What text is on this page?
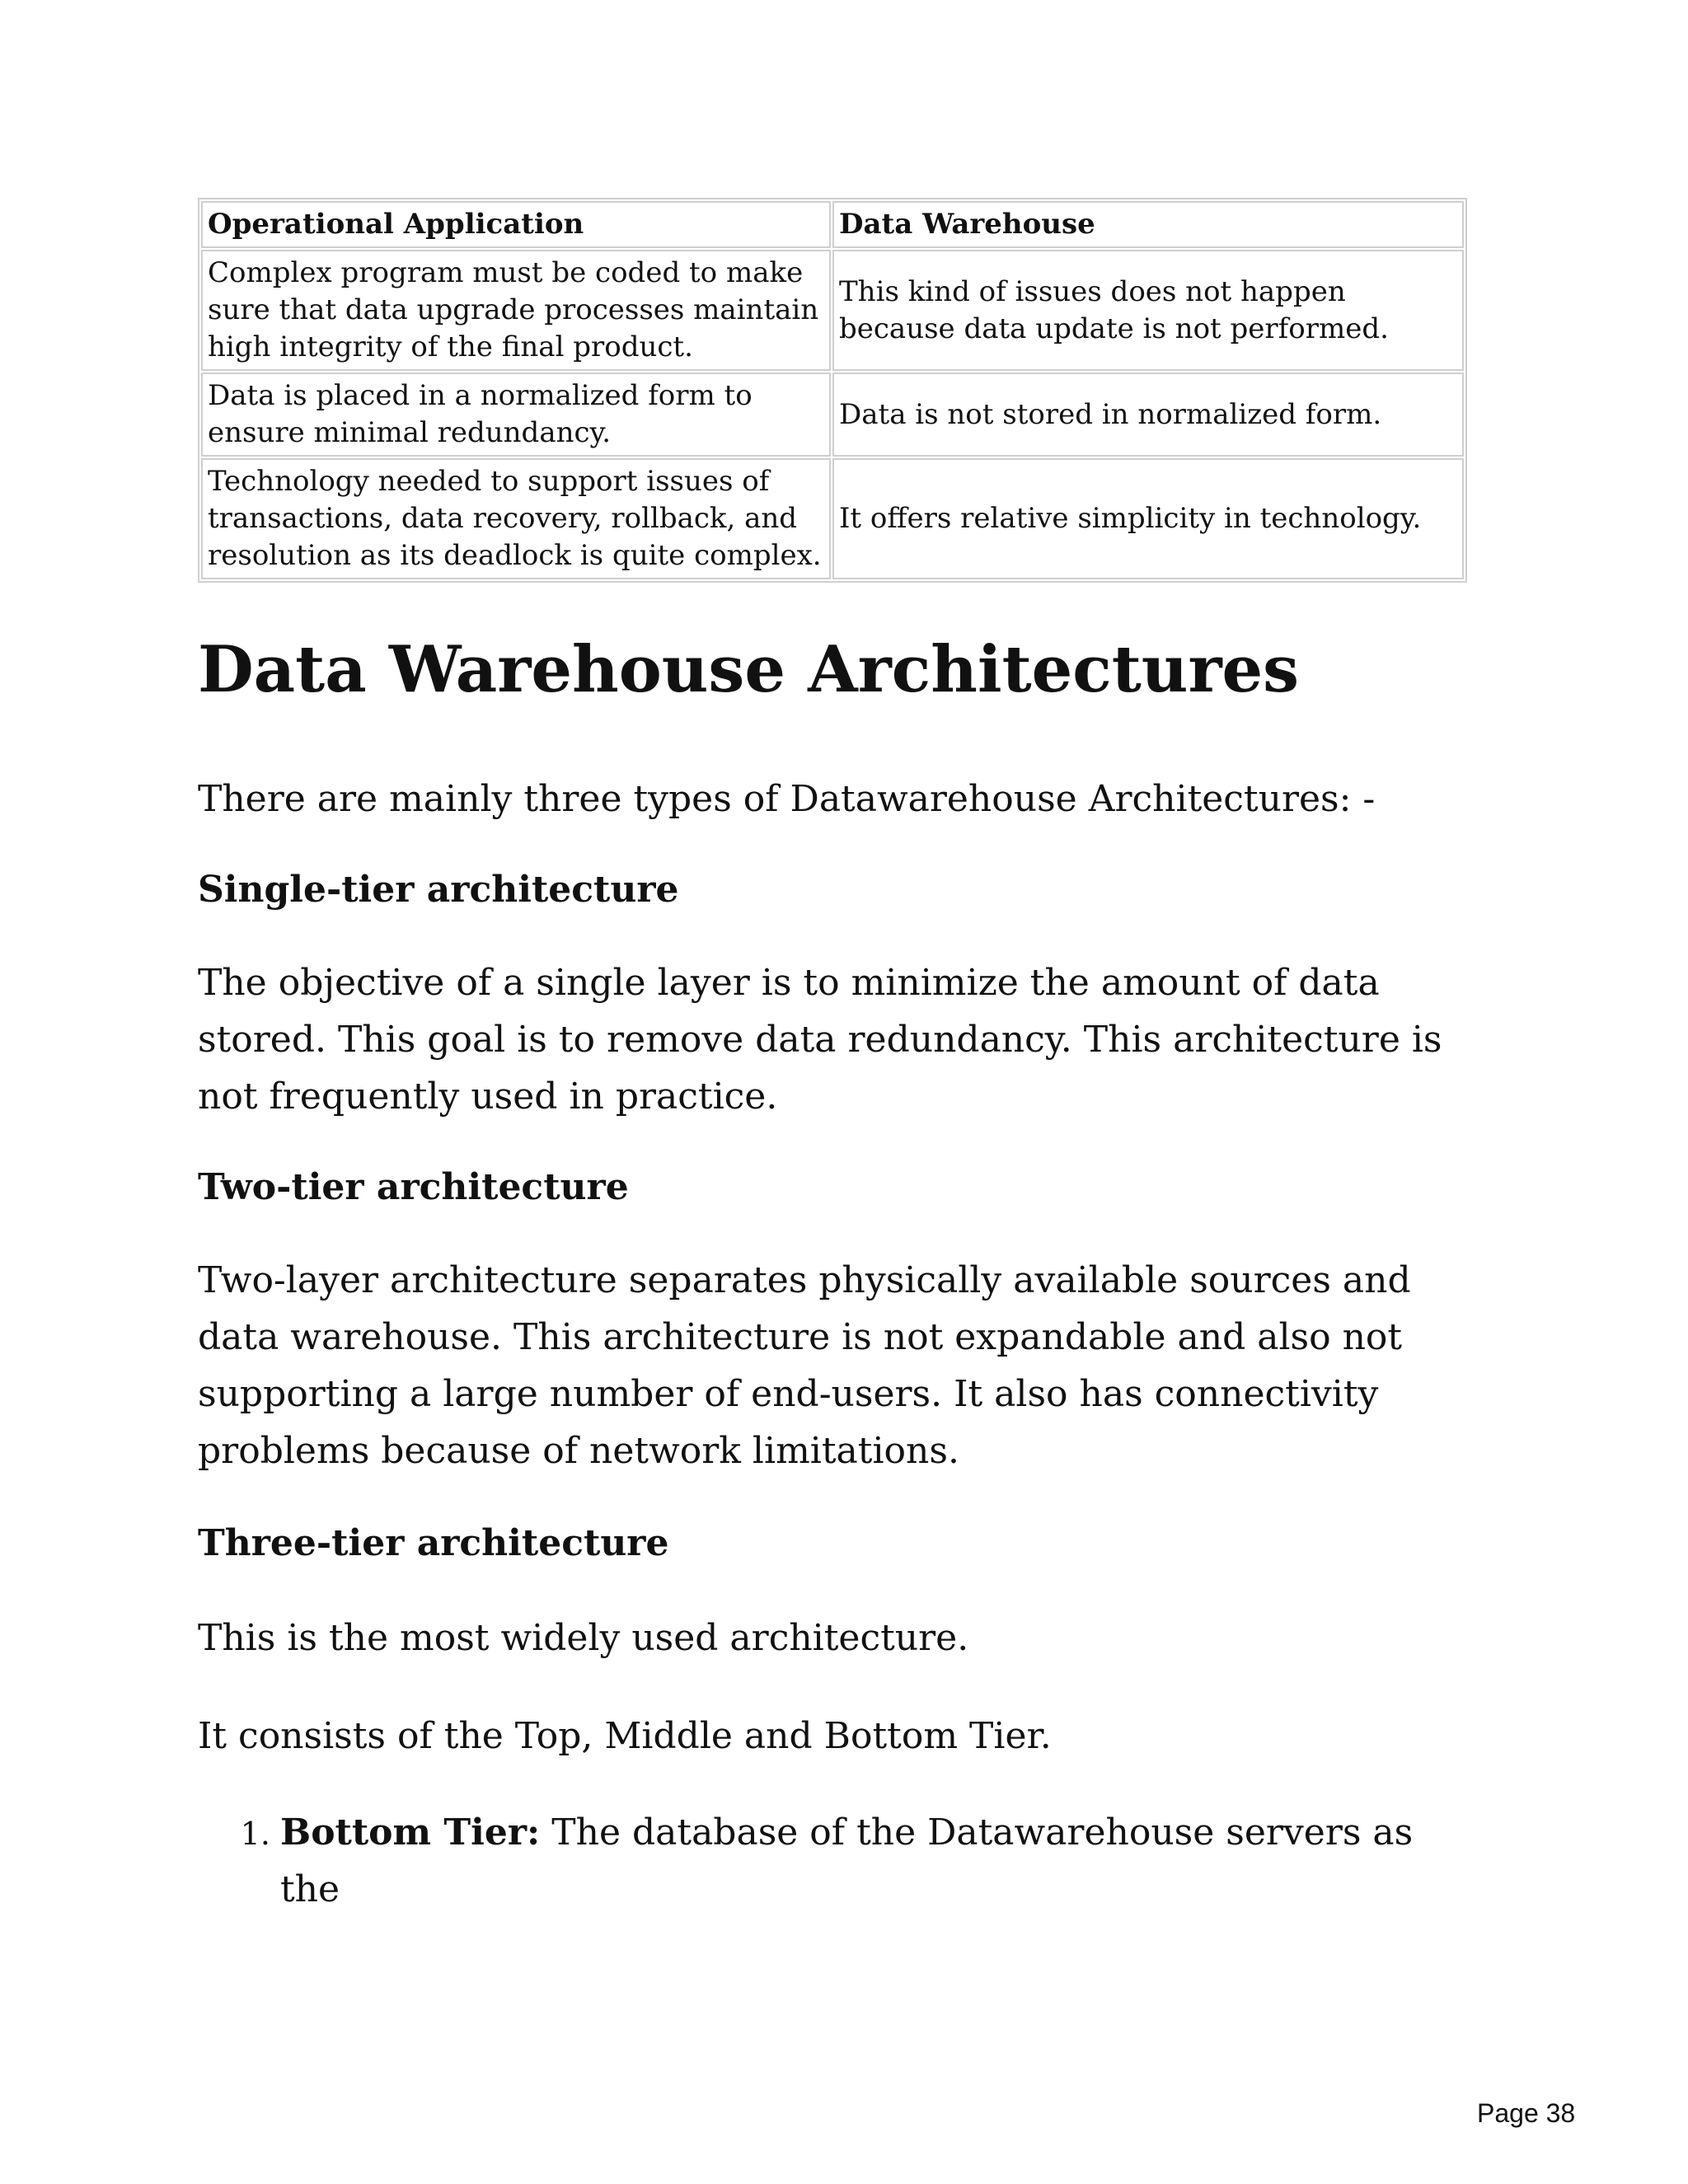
Operational Application	Data Warehouse
Complex program must be coded to make sure that data upgrade processes maintain high integrity of the final product.	This kind of issues does not happen because data update is not performed.
Data is placed in a normalized form to ensure minimal redundancy.	Data is not stored in normalized form.
Technology needed to support issues of transactions, data recovery, rollback, and resolution as its deadlock is quite complex.	It offers relative simplicity in technology.
Data Warehouse Architectures

There are mainly three types of Datawarehouse Architectures: -

Single-tier architecture

The objective of a single layer is to minimize the amount of data stored. This goal is to remove data redundancy. This architecture is not frequently used in practice.

Two-tier architecture

Two-layer architecture separates physically available sources and data warehouse. This architecture is not expandable and also not supporting a large number of end-users. It also has connectivity problems because of network limitations.

Three-tier architecture

This is the most widely used architecture.

It consists of the Top, Middle and Bottom Tier.

1. Bottom Tier: The database of the Datawarehouse servers as the
Page 38
